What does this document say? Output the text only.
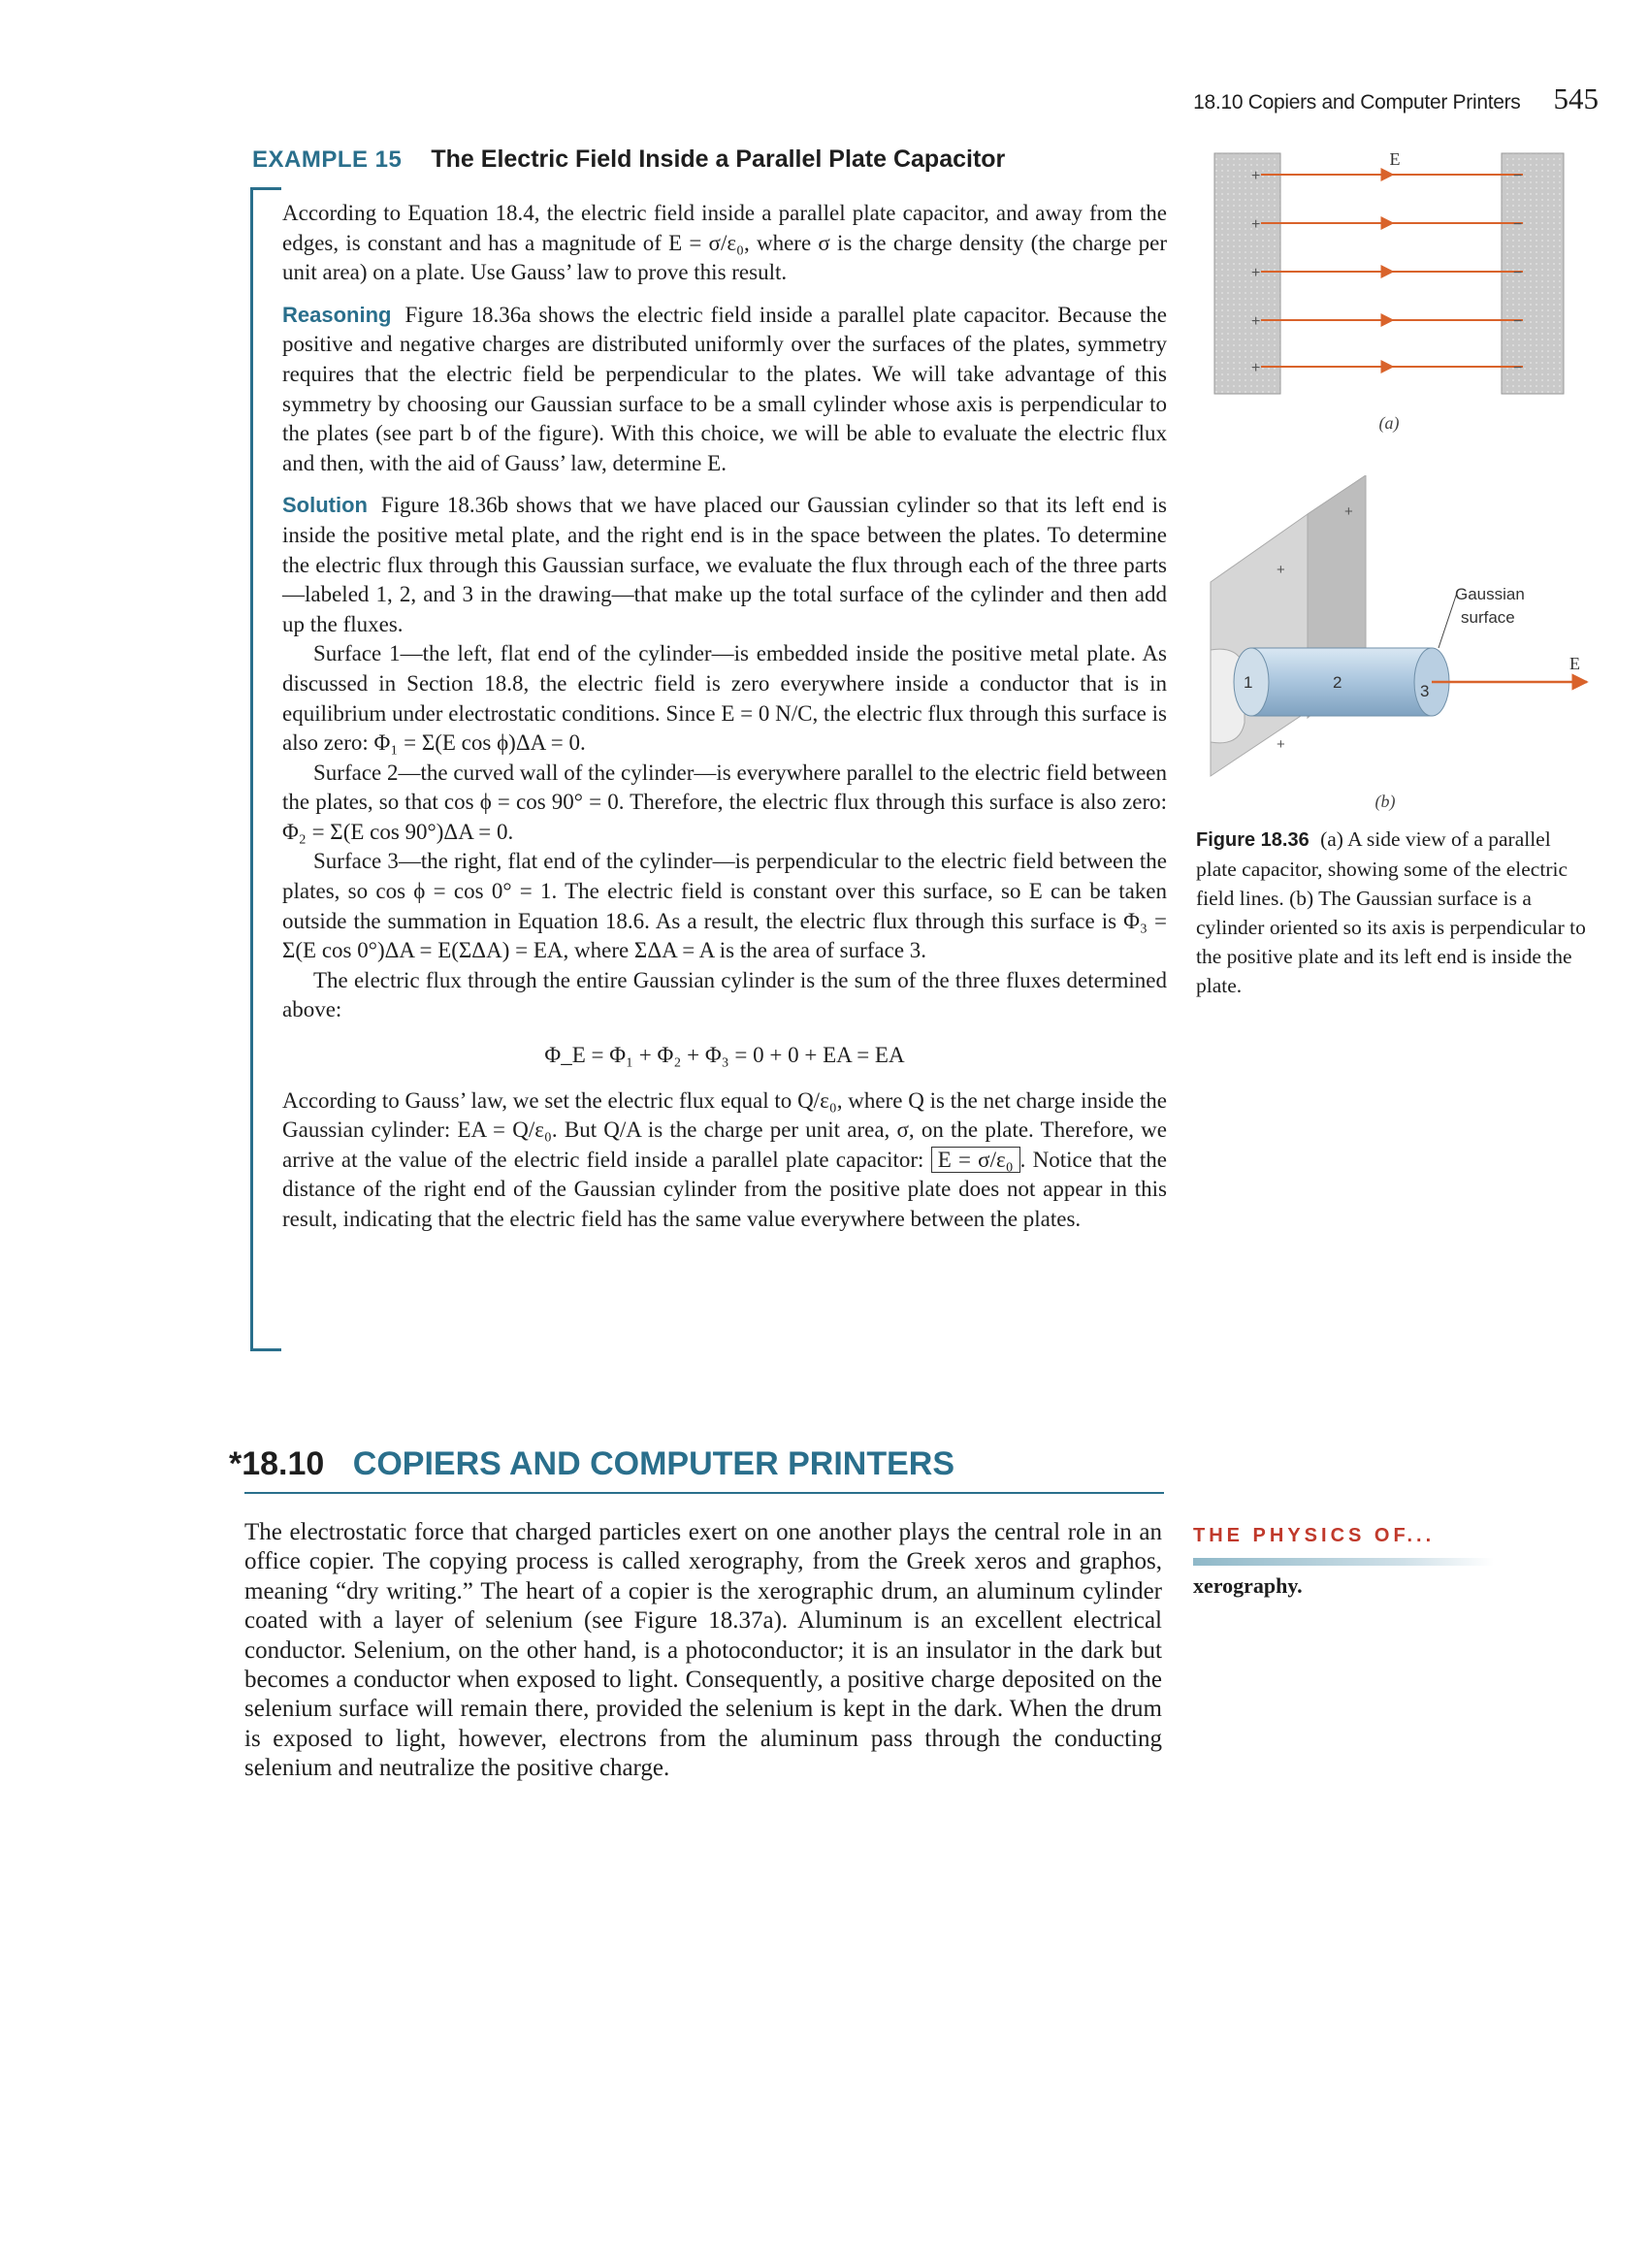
18.10 Copiers and Computer Printers 545
EXAMPLE 15 The Electric Field Inside a Parallel Plate Capacitor

According to Equation 18.4, the electric field inside a parallel plate capacitor, and away from the edges, is constant and has a magnitude of E = σ/ε₀, where σ is the charge density (the charge per unit area) on a plate. Use Gauss’ law to prove this result.

Reasoning Figure 18.36a shows the electric field inside a parallel plate capacitor. Because the positive and negative charges are distributed uniformly over the surfaces of the plates, symmetry requires that the electric field be perpendicular to the plates. We will take advantage of this symmetry by choosing our Gaussian surface to be a small cylinder whose axis is perpendicular to the plates (see part b of the figure). With this choice, we will be able to evaluate the electric flux and then, with the aid of Gauss’ law, determine E.

Solution Figure 18.36b shows that we have placed our Gaussian cylinder so that its left end is inside the positive metal plate, and the right end is in the space between the plates. To determine the electric flux through this Gaussian surface, we evaluate the flux through each of the three parts—labeled 1, 2, and 3 in the drawing—that make up the total surface of the cylinder and then add up the fluxes.

Surface 1—the left, flat end of the cylinder—is embedded inside the positive metal plate. As discussed in Section 18.8, the electric field is zero everywhere inside a conductor that is in equilibrium under electrostatic conditions. Since E = 0 N/C, the electric flux through this surface is also zero: Φ₁ = Σ(E cos ϕ)ΔA = 0.

Surface 2—the curved wall of the cylinder—is everywhere parallel to the electric field between the plates, so that cos ϕ = cos 90° = 0. Therefore, the electric flux through this surface is also zero: Φ₂ = Σ(E cos 90°)ΔA = 0.

Surface 3—the right, flat end of the cylinder—is perpendicular to the electric field between the plates, so cos ϕ = cos 0° = 1. The electric field is constant over this surface, so E can be taken outside the summation in Equation 18.6. As a result, the electric flux through this surface is Φ₃ = Σ(E cos 0°)ΔA = E(ΣΔA) = EA, where ΣΔA = A is the area of surface 3.

The electric flux through the entire Gaussian cylinder is the sum of the three fluxes determined above:

Φ_E = Φ₁ + Φ₂ + Φ₃ = 0 + 0 + EA = EA

According to Gauss’ law, we set the electric flux equal to Q/ε₀, where Q is the net charge inside the Gaussian cylinder: EA = Q/ε₀. But Q/A is the charge per unit area, σ, on the plate. Therefore, we arrive at the value of the electric field inside a parallel plate capacitor: E = σ/ε₀ . Notice that the distance of the right end of the Gaussian cylinder from the positive plate does not appear in this result, indicating that the electric field has the same value everywhere between the plates.

E
+
+
+
+
+
−
−
−
−
−
(a)
E
Gaussian
surface
1	2	3
+
+
+
(b)
Figure 18.36 (a) A side view of a parallel plate capacitor, showing some of the electric field lines. (b) The Gaussian surface is a cylinder oriented so its axis is perpendicular to the positive plate and its left end is inside the plate.
*18.10 COPIERS AND COMPUTER PRINTERS
The electrostatic force that charged particles exert on one another plays the central role in an office copier. The copying process is called xerography, from the Greek xeros and graphos, meaning “dry writing.” The heart of a copier is the xerographic drum, an aluminum cylinder coated with a layer of selenium (see Figure 18.37a). Aluminum is an excellent electrical conductor. Selenium, on the other hand, is a photoconductor; it is an insulator in the dark but becomes a conductor when exposed to light. Consequently, a positive charge deposited on the selenium surface will remain there, provided the selenium is kept in the dark. When the drum is exposed to light, however, electrons from the aluminum pass through the conducting selenium and neutralize the positive charge.
THE PHYSICS OF...
xerography.
